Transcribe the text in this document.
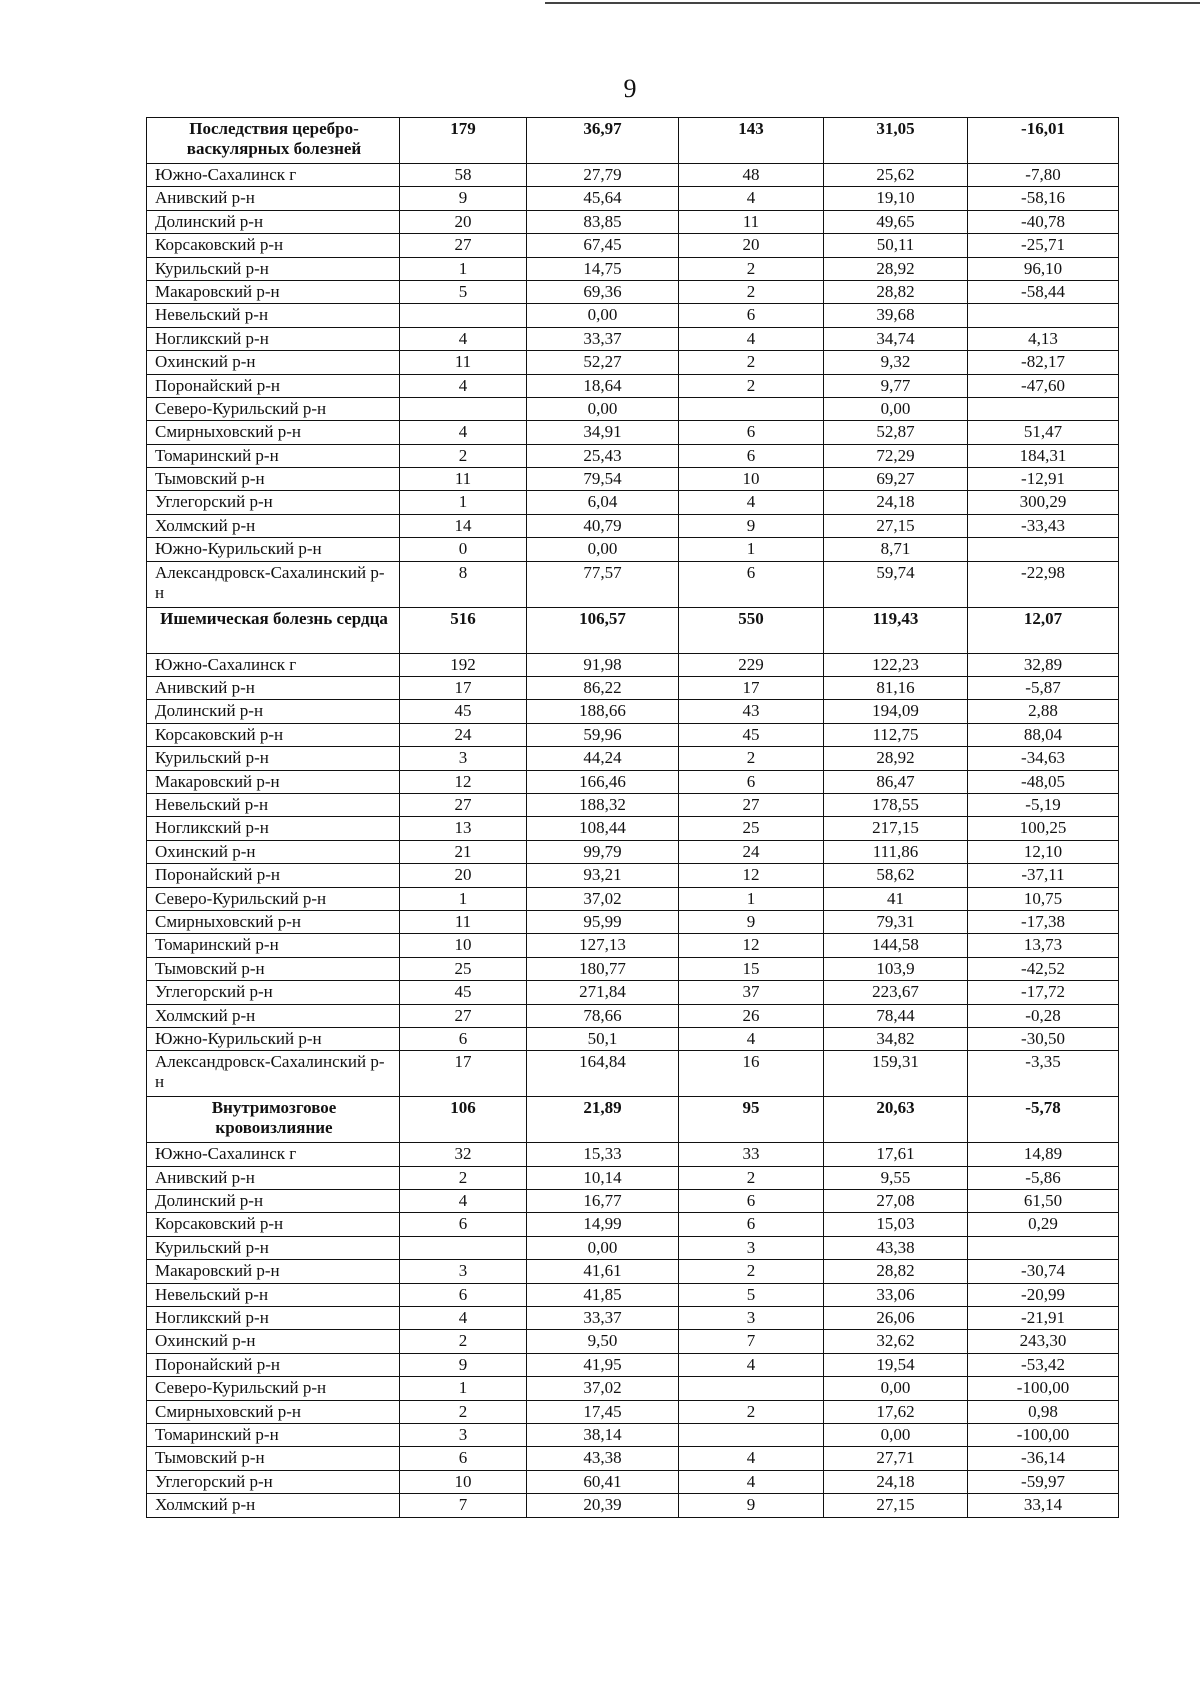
9
Последствия церебро-васкулярных болезней	179	36,97	143	31,05	-16,01
Южно-Сахалинск г	58	27,79	48	25,62	-7,80
Анивский р-н	9	45,64	4	19,10	-58,16
Долинский р-н	20	83,85	11	49,65	-40,78
Корсаковский р-н	27	67,45	20	50,11	-25,71
Курильский р-н	1	14,75	2	28,92	96,10
Макаровский р-н	5	69,36	2	28,82	-58,44
Невельский р-н		0,00	6	39,68	
Ногликский р-н	4	33,37	4	34,74	4,13
Охинский р-н	11	52,27	2	9,32	-82,17
Поронайский р-н	4	18,64	2	9,77	-47,60
Северо-Курильский р-н		0,00		0,00	
Смирныховский р-н	4	34,91	6	52,87	51,47
Томаринский р-н	2	25,43	6	72,29	184,31
Тымовский р-н	11	79,54	10	69,27	-12,91
Углегорский р-н	1	6,04	4	24,18	300,29
Холмский р-н	14	40,79	9	27,15	-33,43
Южно-Курильский р-н	0	0,00	1	8,71	
Александровск-Сахалинский р-н	8	77,57	6	59,74	-22,98
Ишемическая болезнь сердца	516	106,57	550	119,43	12,07
Южно-Сахалинск г	192	91,98	229	122,23	32,89
Анивский р-н	17	86,22	17	81,16	-5,87
Долинский р-н	45	188,66	43	194,09	2,88
Корсаковский р-н	24	59,96	45	112,75	88,04
Курильский р-н	3	44,24	2	28,92	-34,63
Макаровский р-н	12	166,46	6	86,47	-48,05
Невельский р-н	27	188,32	27	178,55	-5,19
Ногликский р-н	13	108,44	25	217,15	100,25
Охинский р-н	21	99,79	24	111,86	12,10
Поронайский р-н	20	93,21	12	58,62	-37,11
Северо-Курильский р-н	1	37,02	1	41	10,75
Смирныховский р-н	11	95,99	9	79,31	-17,38
Томаринский р-н	10	127,13	12	144,58	13,73
Тымовский р-н	25	180,77	15	103,9	-42,52
Углегорский р-н	45	271,84	37	223,67	-17,72
Холмский р-н	27	78,66	26	78,44	-0,28
Южно-Курильский р-н	6	50,1	4	34,82	-30,50
Александровск-Сахалинский р-н	17	164,84	16	159,31	-3,35
Внутримозговое кровоизлияние	106	21,89	95	20,63	-5,78
Южно-Сахалинск г	32	15,33	33	17,61	14,89
Анивский р-н	2	10,14	2	9,55	-5,86
Долинский р-н	4	16,77	6	27,08	61,50
Корсаковский р-н	6	14,99	6	15,03	0,29
Курильский р-н		0,00	3	43,38	
Макаровский р-н	3	41,61	2	28,82	-30,74
Невельский р-н	6	41,85	5	33,06	-20,99
Ногликский р-н	4	33,37	3	26,06	-21,91
Охинский р-н	2	9,50	7	32,62	243,30
Поронайский р-н	9	41,95	4	19,54	-53,42
Северо-Курильский р-н	1	37,02		0,00	-100,00
Смирныховский р-н	2	17,45	2	17,62	0,98
Томаринский р-н	3	38,14		0,00	-100,00
Тымовский р-н	6	43,38	4	27,71	-36,14
Углегорский р-н	10	60,41	4	24,18	-59,97
Холмский р-н	7	20,39	9	27,15	33,14
